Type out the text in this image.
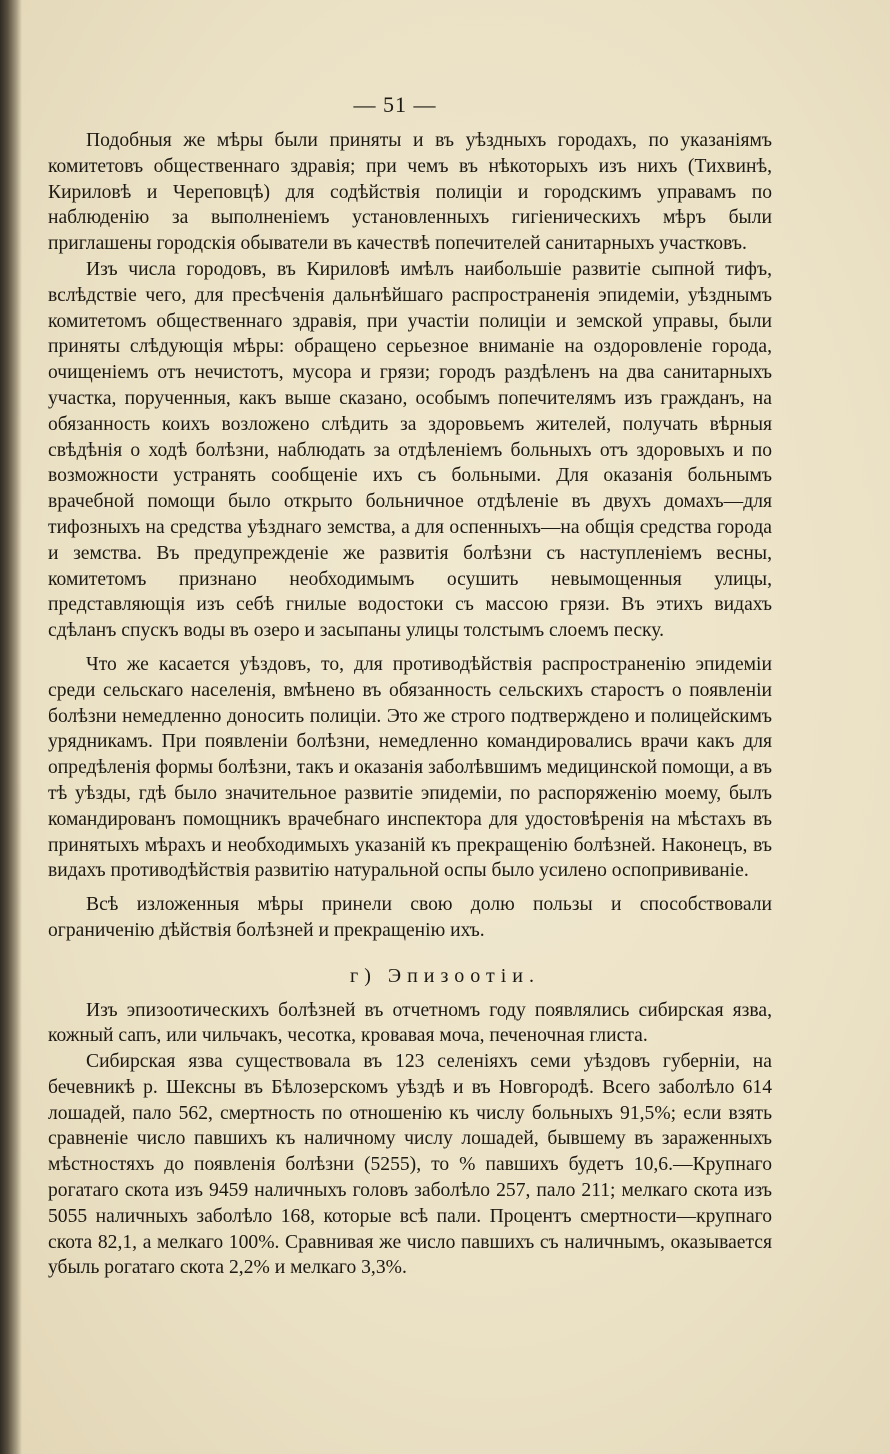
— 51 —

Подобныя же мѣры были приняты и въ уѣздныхъ городахъ, по указаніямъ комитетовъ общественнаго здравія; при чемъ въ нѣкоторыхъ изъ нихъ (Тихвинѣ, Кириловѣ и Череповцѣ) для содѣйствія полиціи и городскимъ управамъ по наблюденію за выполненіемъ установленныхъ гигіеническихъ мѣръ были приглашены городскія обыватели въ качествѣ попечителей санитарныхъ участковъ.

Изъ числа городовъ, въ Кириловѣ имѣлъ наибольшіе развитіе сыпной тифъ, вслѣдствіе чего, для пресѣченія дальнѣйшаго распространенія эпидеміи, уѣзднымъ комитетомъ общественнаго здравія, при участіи полиціи и земской управы, были приняты слѣдующія мѣры: обращено серьезное вниманіе на оздоровленіе города, очищеніемъ отъ нечистотъ, мусора и грязи; городъ раздѣленъ на два санитарныхъ участка, порученныя, какъ выше сказано, особымъ попечителямъ изъ гражданъ, на обязанность коихъ возложено слѣдить за здоровьемъ жителей, получать вѣрныя свѣдѣнія о ходѣ болѣзни, наблюдать за отдѣленіемъ больныхъ отъ здоровыхъ и по возможности устранять сообщеніе ихъ съ больными. Для оказанія больнымъ врачебной помощи было открыто больничное отдѣленіе въ двухъ домахъ—для тифозныхъ на средства уѣзднаго земства, а для оспенныхъ—на общія средства города и земства. Въ предупрежденіе же развитія болѣзни съ наступленіемъ весны, комитетомъ признано необходимымъ осушить невымощенныя улицы, представляющія изъ себѣ гнилые водостоки съ массою грязи. Въ этихъ видахъ сдѣланъ спускъ воды въ озеро и засыпаны улицы толстымъ слоемъ песку.

Что же касается уѣздовъ, то, для противодѣйствія распространенію эпидеміи среди сельскаго населенія, вмѣнено въ обязанность сельскихъ старостъ о появленіи болѣзни немедленно доносить полиціи. Это же строго подтверждено и полицейскимъ урядникамъ. При появленіи болѣзни, немедленно командировались врачи какъ для опредѣленія формы болѣзни, такъ и оказанія заболѣвшимъ медицинской помощи, а въ тѣ уѣзды, гдѣ было значительное развитіе эпидеміи, по распоряженію моему, былъ командированъ помощникъ врачебнаго инспектора для удостовѣренія на мѣстахъ въ принятыхъ мѣрахъ и необходимыхъ указаній къ прекращенію болѣзней. Наконецъ, въ видахъ противодѣйствія развитію натуральной оспы было усилено оспопрививаніе.

Всѣ изложенныя мѣры принели свою долю пользы и способствовали ограниченію дѣйствія болѣзней и прекращенію ихъ.

г) Эпизоотіи.

Изъ эпизоотическихъ болѣзней въ отчетномъ году появлялись сибирская язва, кожный сапъ, или чильчакъ, чесотка, кровавая моча, печеночная глиста.

Сибирская язва существовала въ 123 селеніяхъ семи уѣздовъ губерніи, на бечевникѣ р. Шексны въ Бѣлозерскомъ уѣздѣ и въ Новгородѣ. Всего заболѣло 614 лошадей, пало 562, смертность по отношенію къ числу больныхъ 91,5%; если взять сравненіе число павшихъ къ наличному числу лошадей, бывшему въ зараженныхъ мѣстностяхъ до появленія болѣзни (5255), то % павшихъ будетъ 10,6.—Крупнаго рогатаго скота изъ 9459 наличныхъ головъ заболѣло 257, пало 211; мелкаго скота изъ 5055 наличныхъ заболѣло 168, которые всѣ пали. Процентъ смертности—крупнаго скота 82,1, а мелкаго 100%. Сравнивая же число павшихъ съ наличнымъ, оказывается убыль рогатаго скота 2,2% и мелкаго 3,3%.
